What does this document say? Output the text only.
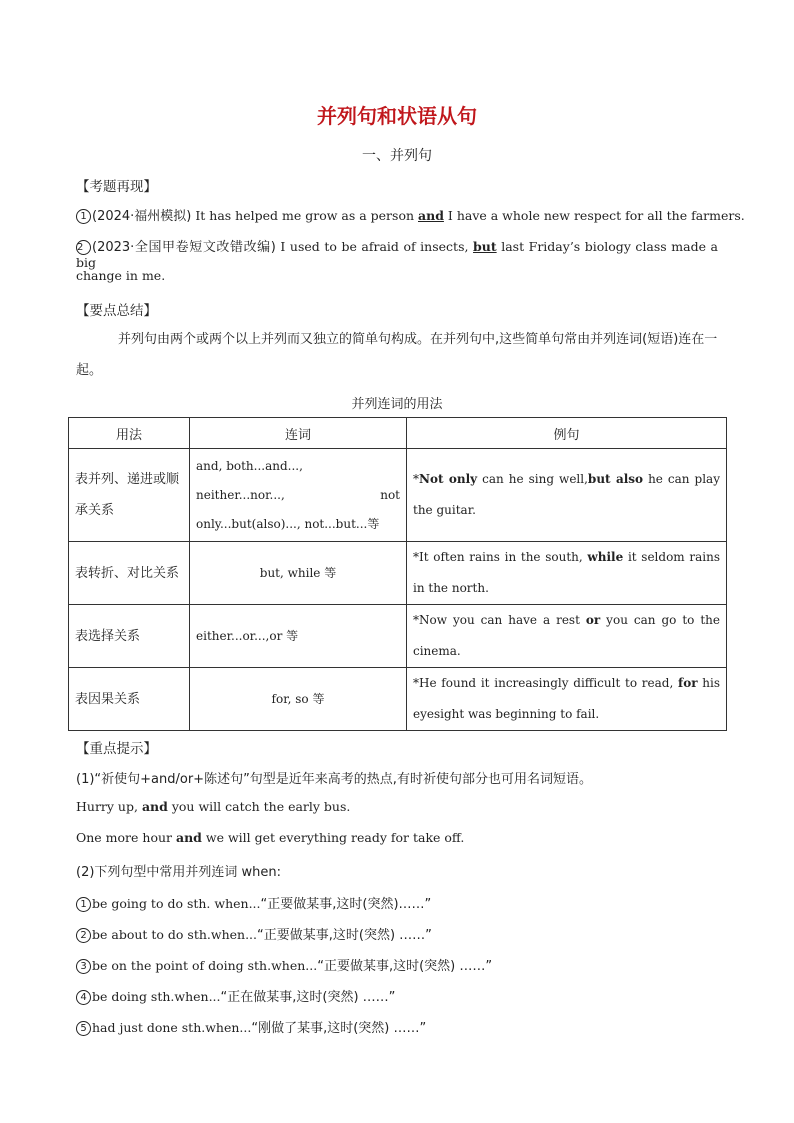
并列句和状语从句
一、并列句
【考题再现】
1 (2024·福州模拟) It has helped me grow as a person and I have a whole new respect for all the farmers.
2 (2023·全国甲卷短文改错改编) I used to be afraid of insects, but last Friday’s biology class made a big
change in me.
【要点总结】
并列句由两个或两个以上并列而又独立的简单句构成。在并列句中,这些简单句常由并列连词(短语)连在一起。
并列连词的用法
用法	连词	例句
表并列、递进或顺承关系	and, both...and...,
neither...nor..., not
only...but(also)..., not...but...等	*Not only can he sing well,but also he can play the guitar.
表转折、对比关系	but, while 等	*It often rains in the south, while it seldom rains in the north.
表选择关系	either...or...,or 等	*Now you can have a rest or you can go to the cinema.
表因果关系	for, so 等	*He found it increasingly difficult to read, for his eyesight was beginning to fail.
【重点提示】
(1)“祈使句+and/or+陈述句”句型是近年来高考的热点,有时祈使句部分也可用名词短语。
Hurry up, and you will catch the early bus.
One more hour and we will get everything ready for take off.
(2)下列句型中常用并列连词 when:
1 be going to do sth. when...“正要做某事,这时(突然)……”
2 be about to do sth.when...“正要做某事,这时(突然) ……”
3 be on the point of doing sth.when...“正要做某事,这时(突然) ……”
4 be doing sth.when...“正在做某事,这时(突然) ……”
5 had just done sth.when...“刚做了某事,这时(突然) ……”
